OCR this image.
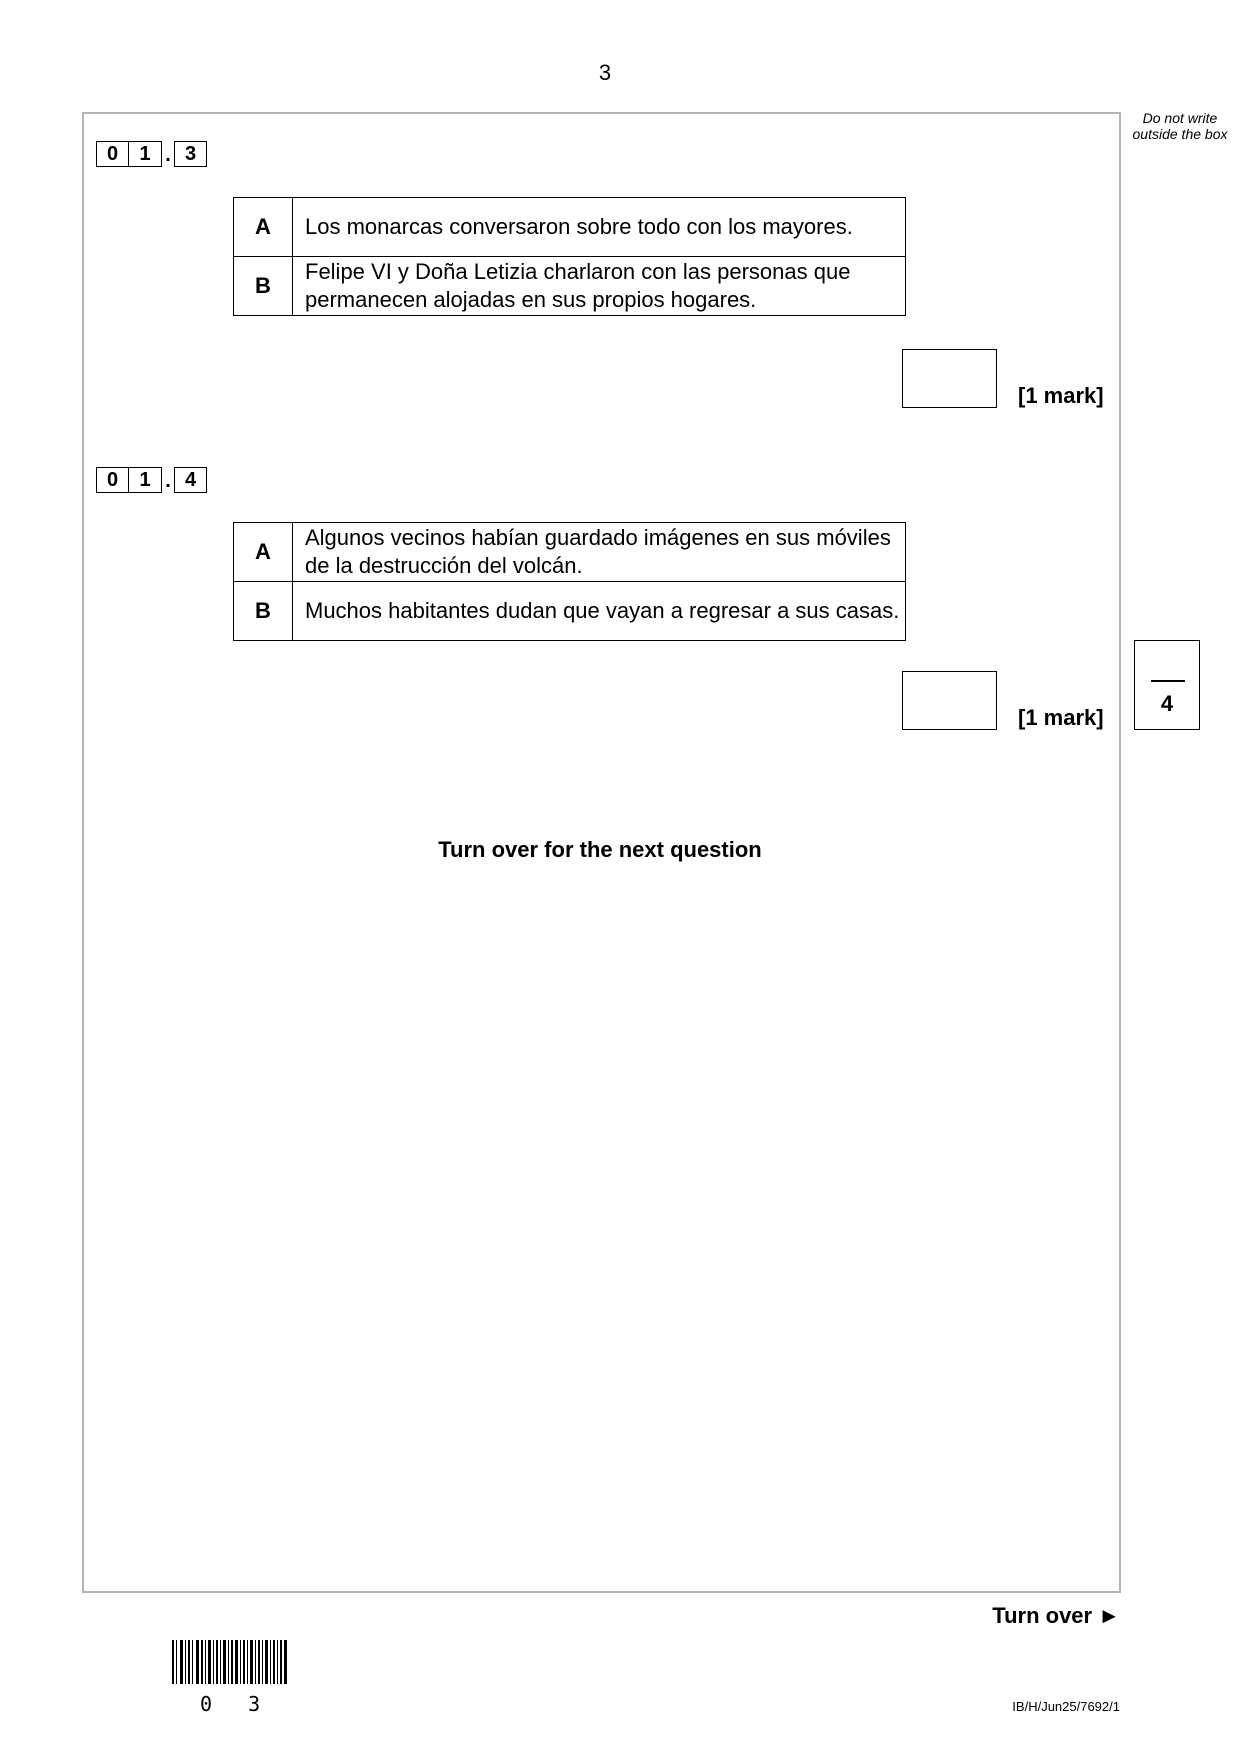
3
Do not write outside the box
0	1 . 3
A	Los monarcas conversaron sobre todo con los mayores.
B	Felipe VI y Doña Letizia charlaron con las personas que permanecen alojadas en sus propios hogares.
[1 mark]
0	1 . 4
A	Algunos vecinos habían guardado imágenes en sus móviles de la destrucción del volcán.
B	Muchos habitantes dudan que vayan a regresar a sus casas.
[1 mark]
4
Turn over for the next question
Turn over ►
0 3	IB/H/Jun25/7692/1
